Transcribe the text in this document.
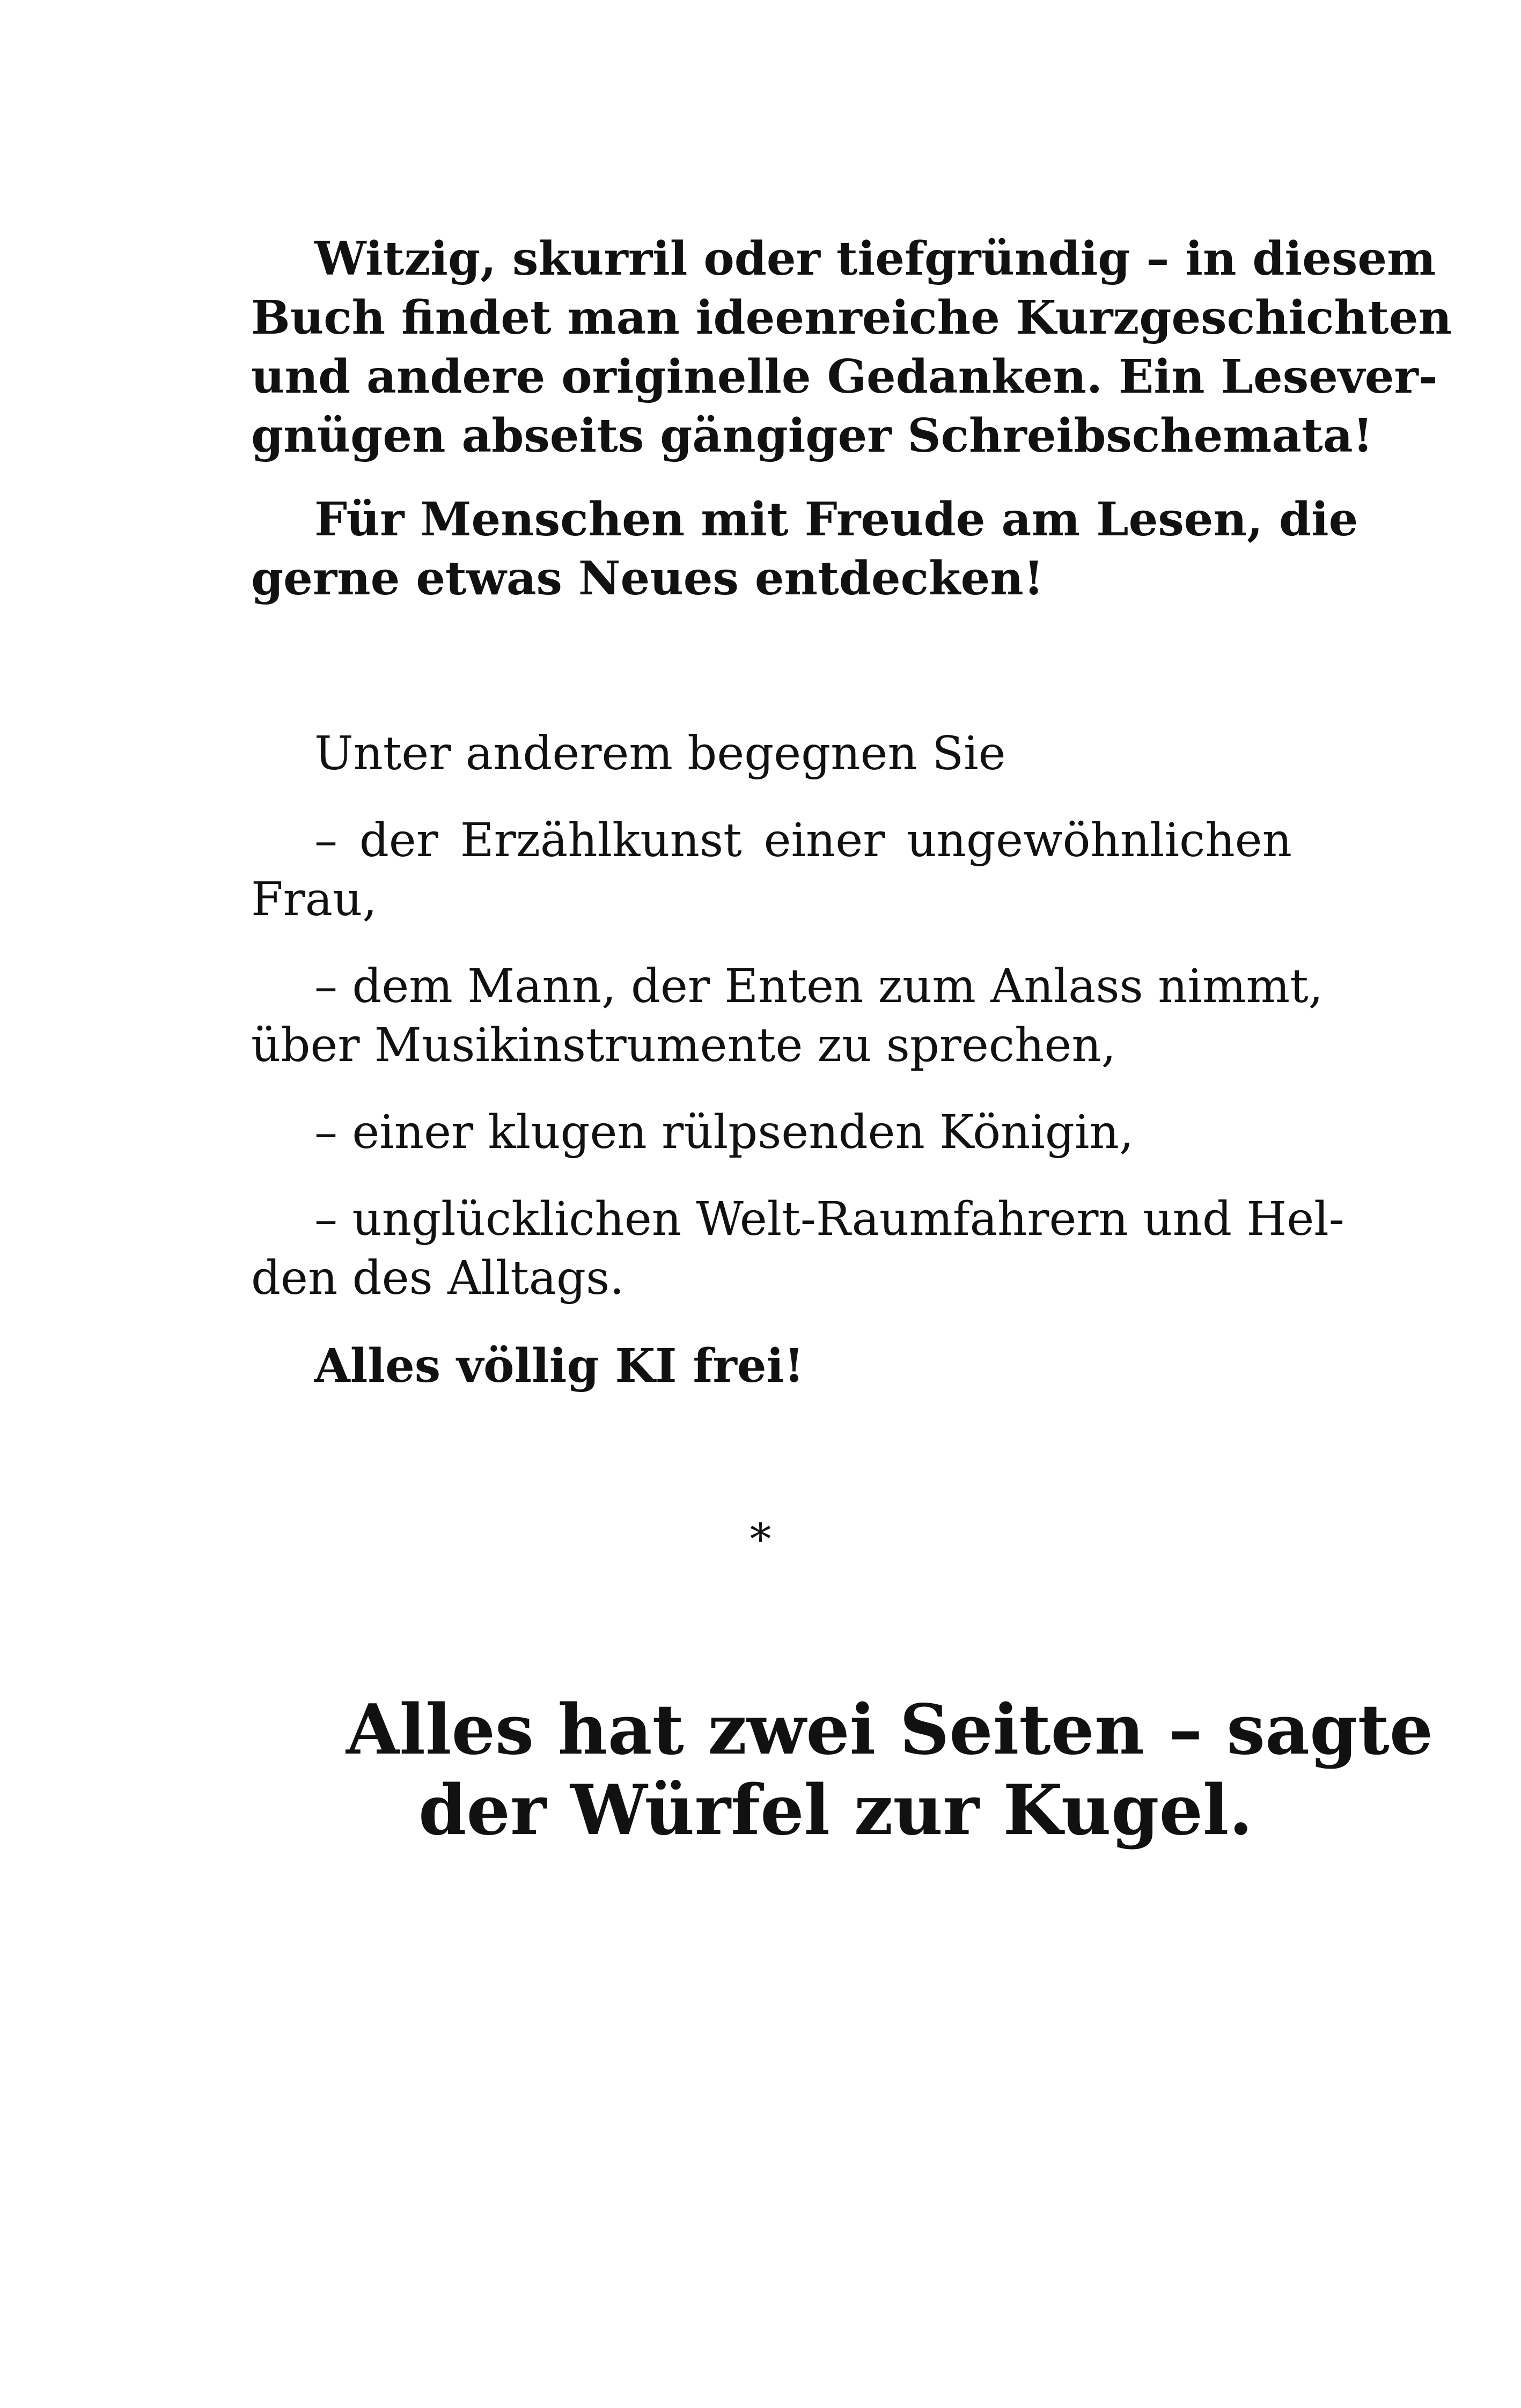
Witzig, skurril oder tiefgründig – in diesem
Buch findet man ideenreiche Kurzgeschichten
und andere originelle Gedanken. Ein Lesever-
gnügen abseits gängiger Schreibschemata!

Für Menschen mit Freude am Lesen, die
gerne etwas Neues entdecken!

Unter anderem begegnen Sie

– der Erzählkunst einer ungewöhnlichen
Frau,

– dem Mann, der Enten zum Anlass nimmt,
über Musikinstrumente zu sprechen,

– einer klugen rülpsenden Königin,

– unglücklichen Welt-Raumfahrern und Hel-
den des Alltags.

Alles völlig KI frei!

*
Alles hat zwei Seiten – sagte
der Würfel zur Kugel.
